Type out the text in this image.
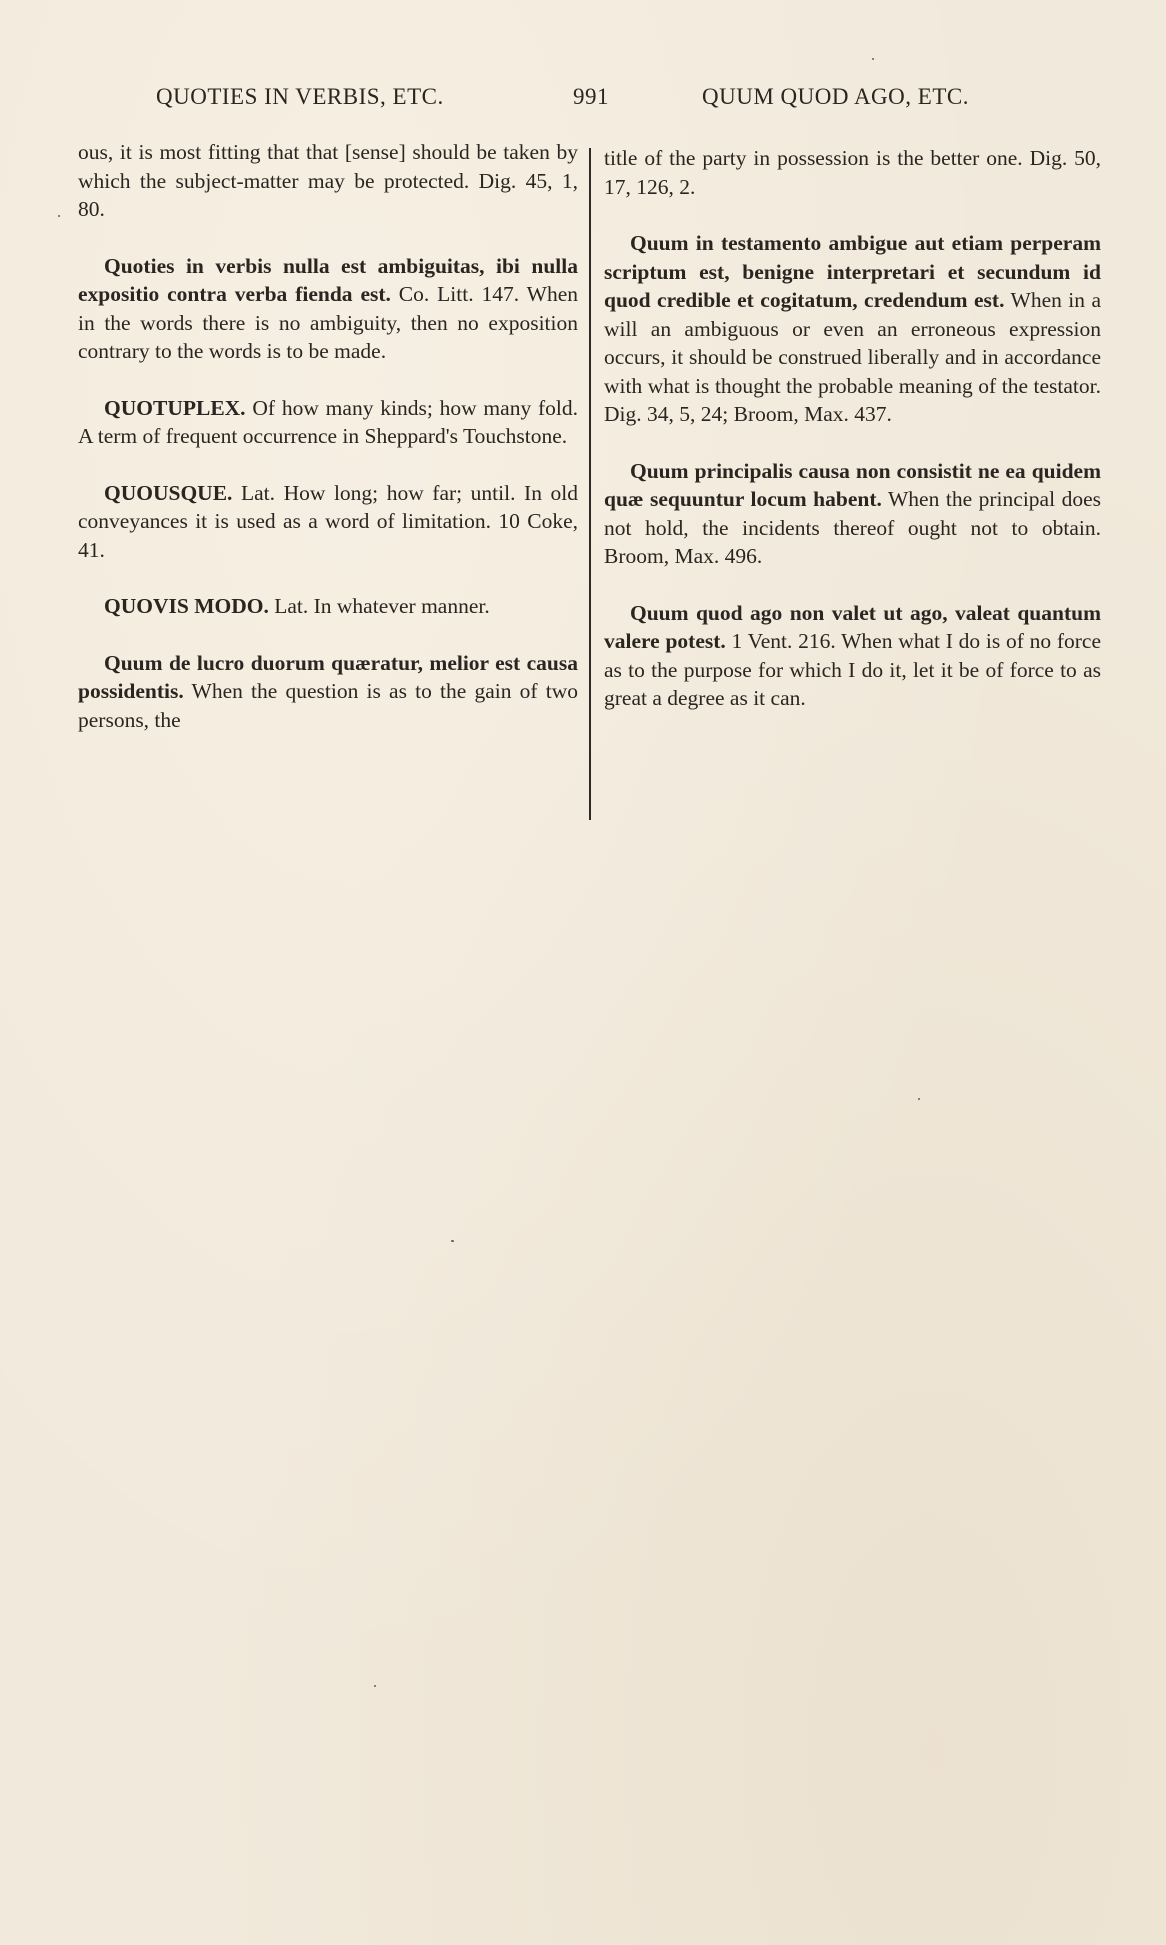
QUOTIES IN VERBIS, ETC.	991	QUUM QUOD AGO, ETC.

ous, it is most fitting that that [sense] should be taken by which the subject-matter may be protected. Dig. 45, 1, 80.

Quoties in verbis nulla est ambiguitas, ibi nulla expositio contra verba fienda est. Co. Litt. 147. When in the words there is no ambiguity, then no exposition contrary to the words is to be made.

QUOTUPLEX. Of how many kinds; how many fold. A term of frequent occurrence in Sheppard's Touchstone.

QUOUSQUE. Lat. How long; how far; until. In old conveyances it is used as a word of limitation. 10 Coke, 41.

QUOVIS MODO. Lat. In whatever manner.

Quum de lucro duorum quæratur, melior est causa possidentis. When the question is as to the gain of two persons, the

title of the party in possession is the better one. Dig. 50, 17, 126, 2.

Quum in testamento ambigue aut etiam perperam scriptum est, benigne interpretari et secundum id quod credible et cogitatum, credendum est. When in a will an ambiguous or even an erroneous expression occurs, it should be construed liberally and in accordance with what is thought the probable meaning of the testator. Dig. 34, 5, 24; Broom, Max. 437.

Quum principalis causa non consistit ne ea quidem quæ sequuntur locum habent. When the principal does not hold, the incidents thereof ought not to obtain. Broom, Max. 496.

Quum quod ago non valet ut ago, valeat quantum valere potest. 1 Vent. 216. When what I do is of no force as to the purpose for which I do it, let it be of force to as great a degree as it can.
